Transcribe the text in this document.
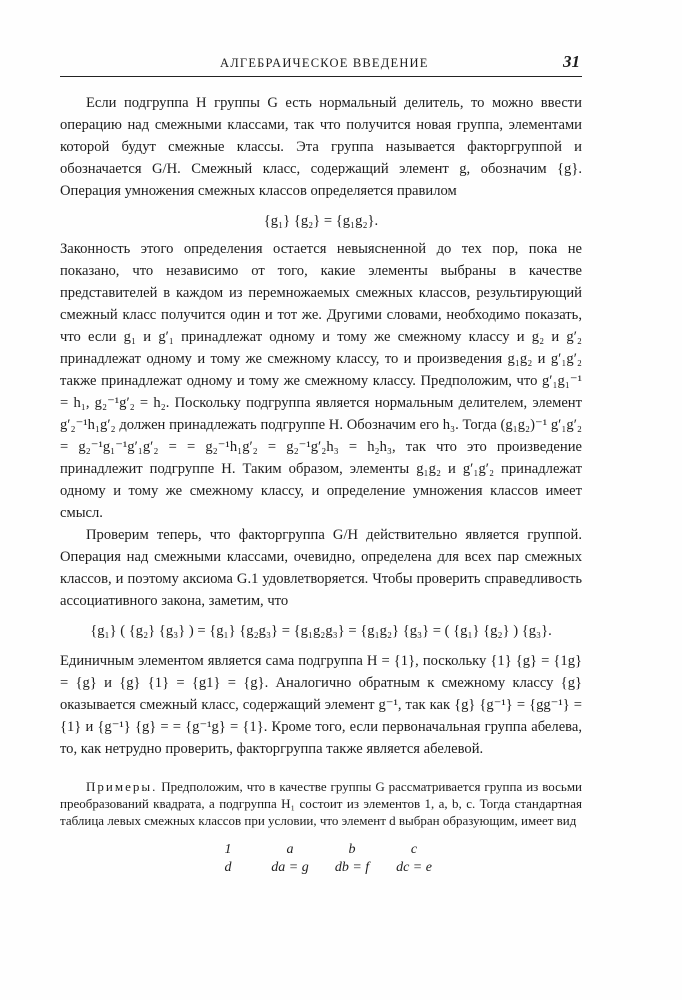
АЛГЕБРАИЧЕСКОЕ ВВЕДЕНИЕ	31

Если подгруппа H группы G есть нормальный делитель, то можно ввести операцию над смежными классами, так что получится новая группа, элементами которой будут смежные классы. Эта группа называется факторгруппой и обозначается G/H. Смежный класс, содержащий элемент g, обозначим {g}. Операция умножения смежных классов определяется правилом

{g₁} {g₂} = {g₁g₂}.

Законность этого определения остается невыясненной до тех пор, пока не показано, что независимо от того, какие элементы выбраны в качестве представителей в каждом из перемножаемых смежных классов, результирующий смежный класс получится один и тот же. Другими словами, необходимо показать, что если g₁ и g′₁ принадлежат одному и тому же смежному классу и g₂ и g′₂ принадлежат одному и тому же смежному классу, то и произведения g₁g₂ и g′₁g′₂ также принадлежат одному и тому же смежному классу. Предположим, что g′₁g₁⁻¹ = h₁, g₂⁻¹g′₂ = h₂. Поскольку подгруппа является нормальным делителем, элемент g′₂⁻¹h₁g′₂ должен принадлежать подгруппе H. Обозначим его h₃. Тогда (g₁g₂)⁻¹ g′₁g′₂ = g₂⁻¹g₁⁻¹g′₁g′₂ = = g₂⁻¹h₁g′₂ = g₂⁻¹g′₂h₃ = h₂h₃, так что это произведение принадлежит подгруппе H. Таким образом, элементы g₁g₂ и g′₁g′₂ принадлежат одному и тому же смежному классу, и определение умножения классов имеет смысл.

Проверим теперь, что факторгруппа G/H действительно является группой. Операция над смежными классами, очевидно, определена для всех пар смежных классов, и поэтому аксиома G.1 удовлетворяется. Чтобы проверить справедливость ассоциативного закона, заметим, что

{g₁} ( {g₂} {g₃} ) = {g₁} {g₂g₃} = {g₁g₂g₃} = {g₁g₂} {g₃} = ( {g₁} {g₂} ) {g₃}.

Единичным элементом является сама подгруппа H = {1}, поскольку {1} {g} = {1g} = {g} и {g} {1} = {g1} = {g}. Аналогично обратным к смежному классу {g} оказывается смежный класс, содержащий элемент g⁻¹, так как {g} {g⁻¹} = {gg⁻¹} = {1} и {g⁻¹} {g} = = {g⁻¹g} = {1}. Кроме того, если первоначальная группа абелева, то, как нетрудно проверить, факторгруппа также является абелевой.

Примеры. Предположим, что в качестве группы G рассматривается группа из восьми преобразований квадрата, а подгруппа H₁ состоит из элементов 1, a, b, c. Тогда стандартная таблица левых смежных классов при условии, что элемент d выбран образующим, имеет вид

1	a	b	c
d	da = g	db = f	dc = e
